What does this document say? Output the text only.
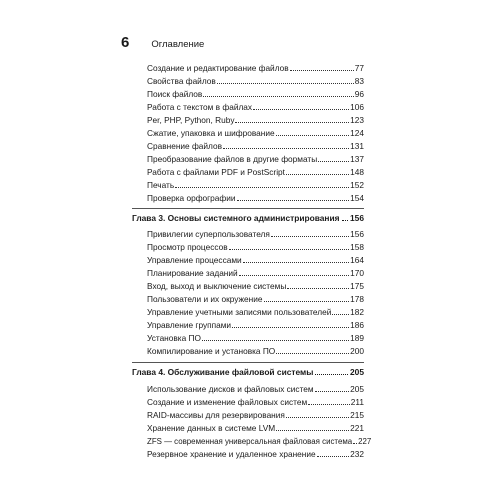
6 Оглавление
Создание и редактирование файлов	77
Свойства файлов	83
Поиск файлов	96
Работа с текстом в файлах	106
Per, PHP, Python, Ruby	123
Сжатие, упаковка и шифрование	124
Сравнение файлов	131
Преобразование файлов в другие форматы	137
Работа с файлами PDF и PostScript	148
Печать	152
Проверка орфографии	154
Глава 3. Основы системного администрирования 156
Привилегии суперпользователя	156
Просмотр процессов	158
Управление процессами	164
Планирование заданий	170
Вход, выход и выключение системы	175
Пользователи и их окружение	178
Управление учетными записями пользователей 182
Управление группами	186
Установка ПО	189
Компилирование и установка ПО	200
Глава 4. Обслуживание файловой системы	205
Использование дисков и файловых систем	205
Создание и изменение файловых систем	211
RAID-массивы для резервирования	215
Хранение данных в системе LVM	221
ZFS — современная универсальная файловая система 227
Резервное хранение и удаленное хранение	232
